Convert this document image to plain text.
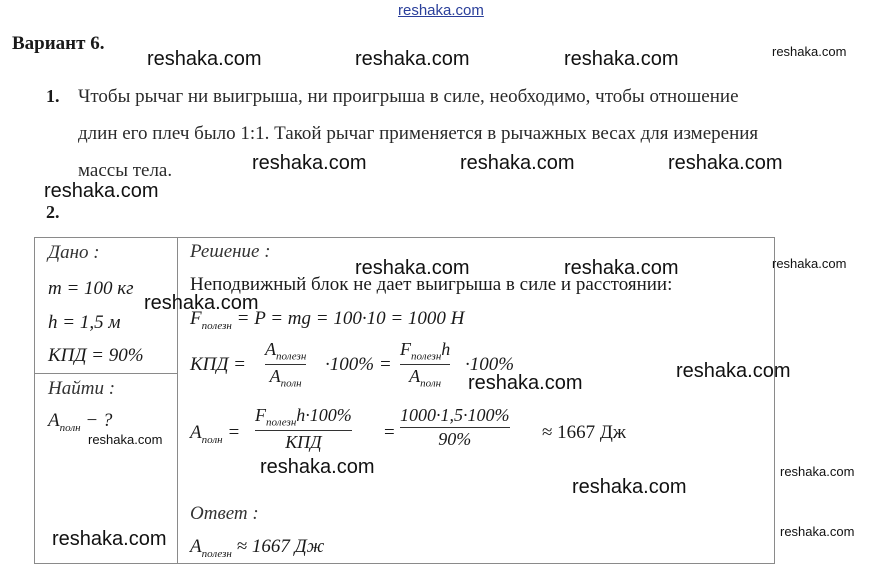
reshaka.com
Вариант 6.
1. Чтобы рычаг ни выигрыша, ни проигрыша в силе, необходимо, чтобы отношение
длин его плеч было 1:1. Такой рычаг применяется в рычажных весах для измерения
массы тела.
2.
Дано :
m = 100 кг
h = 1,5 м
КПД = 90%
Найти :
$A_{полн}$ − ?
Решение :
Неподвижный блок не дает выигрыша в силе и расстоянии:
$F_{полезн} = P$ = mg = 100·10 = 1000 Н
КПД =
$A_{полезн}$
$A_{полн}$
·100% =
$F_{полезн}h$
$A_{полн}$
·100%
$A_{полн}$ =
$F_{полезн}h\cdot 100\%$
КПД	=
1000·1,5·100%
90%	≈ 1667 Дж
Ответ :
$A_{полезн} \approx 1667$ Дж
reshaka.com	reshaka.com	reshaka.com	reshaka.com
reshaka.com	reshaka.com	reshaka.com
reshaka.com
reshaka.com	reshaka.com	reshaka.com
reshaka.com
reshaka.com
reshaka.com
reshaka.com
reshaka.com	reshaka.com
reshaka.com
reshaka.com
reshaka.com
